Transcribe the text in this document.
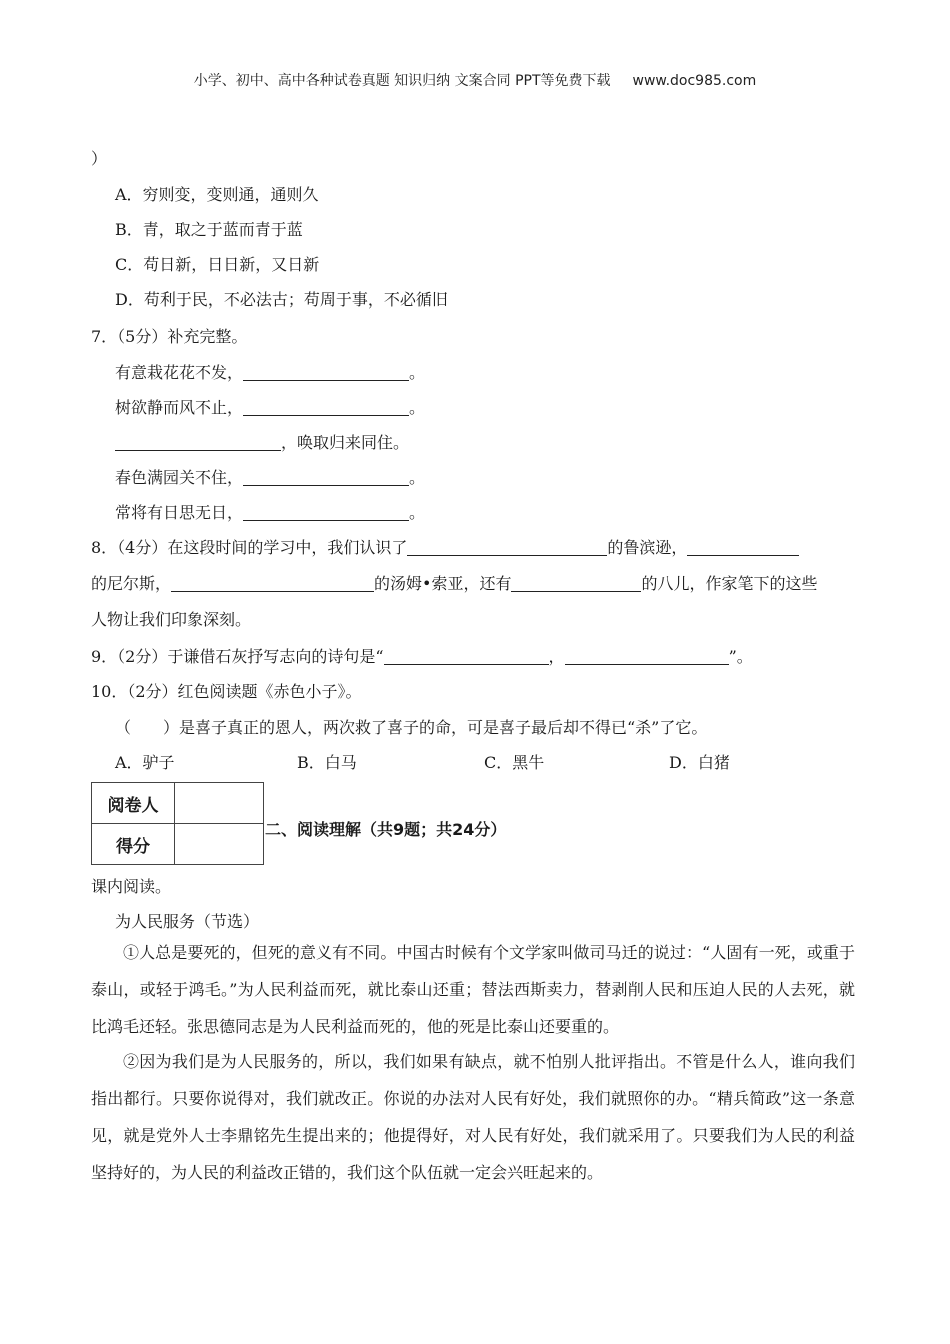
小学、初中、高中各种试卷真题 知识归纳 文案合同 PPT等免费下载 www.doc985.com
）
A．穷则变，变则通，通则久
B．青，取之于蓝而青于蓝
C．苟日新，日日新，又日新
D．苟利于民，不必法古；苟周于事，不必循旧
7．（5分）补充完整。
有意栽花花不发，	。
树欲静而风不止，	。
，唤取归来同住。
春色满园关不住，	。
常将有日思无日，	。
8．（4分）在这段时间的学习中，我们认识了	的鲁滨逊，
的尼尔斯，	的汤姆•索亚，还有	的八儿，作家笔下的这些
人物让我们印象深刻。
9．（2分）于谦借石灰抒写志向的诗句是“	，	”。
10．（2分）红色阅读题《赤色小子》。
（　　）是喜子真正的恩人，两次救了喜子的命，可是喜子最后却不得已“杀”了它。
A．驴子	B．白马	C．黑牛	D．白猪
阅卷人	
得分	
二、阅读理解（共9题；共24分）
课内阅读。
为人民服务（节选）
①人总是要死的，但死的意义有不同。中国古时候有个文学家叫做司马迁的说过：“人固有一死，或重于泰山，或轻于鸿毛。”为人民利益而死，就比泰山还重；替法西斯卖力，替剥削人民和压迫人民的人去死，就比鸿毛还轻。张思德同志是为人民利益而死的，他的死是比泰山还要重的。
②因为我们是为人民服务的，所以，我们如果有缺点，就不怕别人批评指出。不管是什么人，谁向我们指出都行。只要你说得对，我们就改正。你说的办法对人民有好处，我们就照你的办。“精兵简政”这一条意见，就是党外人士李鼎铭先生提出来的；他提得好，对人民有好处，我们就采用了。只要我们为人民的利益坚持好的，为人民的利益改正错的，我们这个队伍就一定会兴旺起来的。
